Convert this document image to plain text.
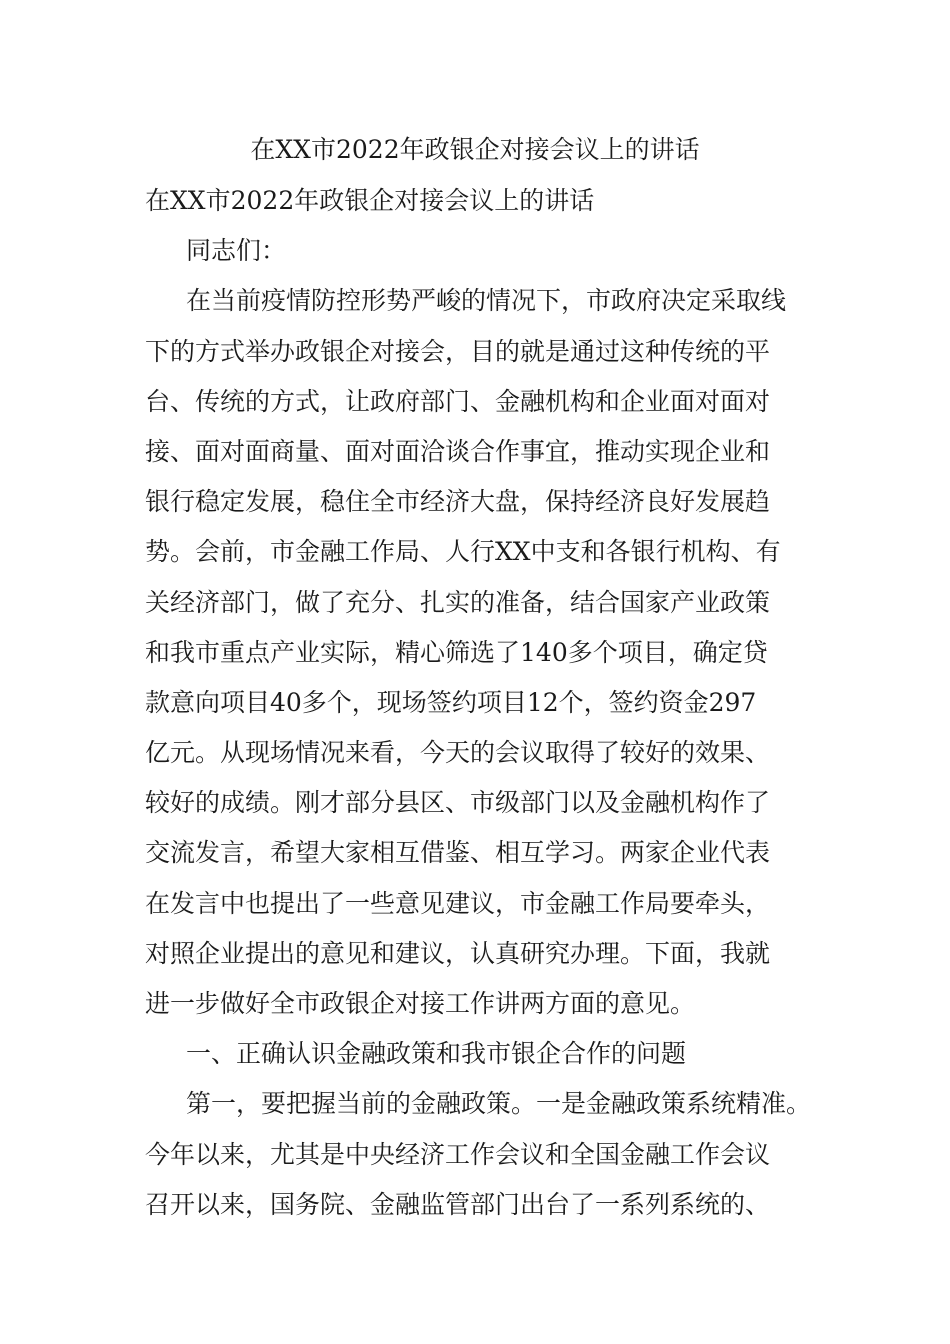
在XX市2022年政银企对接会议上的讲话
在XX市2022年政银企对接会议上的讲话
同志们：
在当前疫情防控形势严峻的情况下，市政府决定采取线
下的方式举办政银企对接会，目的就是通过这种传统的平
台、传统的方式，让政府部门、金融机构和企业面对面对
接、面对面商量、面对面洽谈合作事宜，推动实现企业和
银行稳定发展，稳住全市经济大盘，保持经济良好发展趋
势。会前，市金融工作局、人行XX中支和各银行机构、有
关经济部门，做了充分、扎实的准备，结合国家产业政策
和我市重点产业实际，精心筛选了140多个项目，确定贷
款意向项目40多个，现场签约项目12个，签约资金297
亿元。从现场情况来看，今天的会议取得了较好的效果、
较好的成绩。刚才部分县区、市级部门以及金融机构作了
交流发言，希望大家相互借鉴、相互学习。两家企业代表
在发言中也提出了一些意见建议，市金融工作局要牵头，
对照企业提出的意见和建议，认真研究办理。下面，我就
进一步做好全市政银企对接工作讲两方面的意见。
一、正确认识金融政策和我市银企合作的问题
第一，要把握当前的金融政策。一是金融政策系统精准。
今年以来，尤其是中央经济工作会议和全国金融工作会议
召开以来，国务院、金融监管部门出台了一系列系统的、
